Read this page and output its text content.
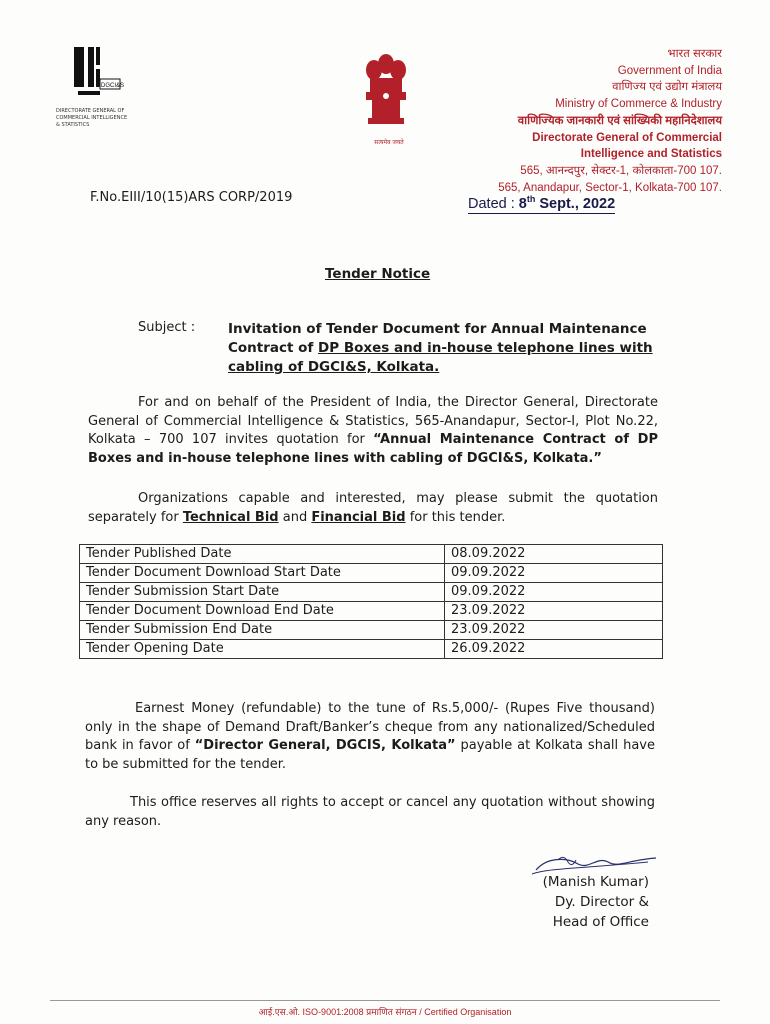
DGCI&S
DIRECTORATE GENERAL OF
COMMERCIAL INTELLIGENCE
& STATISTICS
सत्यमेव जयते
भारत सरकार
Government of India
वाणिज्य एवं उद्योग मंत्रालय
Ministry of Commerce & Industry
वाणिज्यिक जानकारी एवं सांख्यिकी महानिदेशालय
Directorate General of Commercial
Intelligence and Statistics
565, आनन्दपुर, सेक्टर-1, कोलकाता-700 107.
565, Anandapur, Sector-1, Kolkata-700 107.
Dated : 8th Sept., 2022
F.No.EIII/10(15)ARS CORP/2019
Tender Notice
Subject : Invitation of Tender Document for Annual Maintenance Contract of DP Boxes and in-house telephone lines with cabling of DGCI&S, Kolkata.
For and on behalf of the President of India, the Director General, Directorate General of Commercial Intelligence & Statistics, 565-Anandapur, Sector-I, Plot No.22, Kolkata – 700 107 invites quotation for “Annual Maintenance Contract of DP Boxes and in-house telephone lines with cabling of DGCI&S, Kolkata.”
Organizations capable and interested, may please submit the quotation separately for Technical Bid and Financial Bid for this tender.
Tender Published Date	08.09.2022
Tender Document Download Start Date	09.09.2022
Tender Submission Start Date	09.09.2022
Tender Document Download End Date	23.09.2022
Tender Submission End Date	23.09.2022
Tender Opening Date	26.09.2022
Earnest Money (refundable) to the tune of Rs.5,000/- (Rupes Five thousand) only in the shape of Demand Draft/Banker’s cheque from any nationalized/Scheduled bank in favor of “Director General, DGCIS, Kolkata” payable at Kolkata shall have to be submitted for the tender.
This office reserves all rights to accept or cancel any quotation without showing any reason.
(Manish Kumar)
Dy. Director &
Head of Office
आई.एस.ओ. ISO-9001:2008 प्रमाणित संगठन / Certified Organisation
